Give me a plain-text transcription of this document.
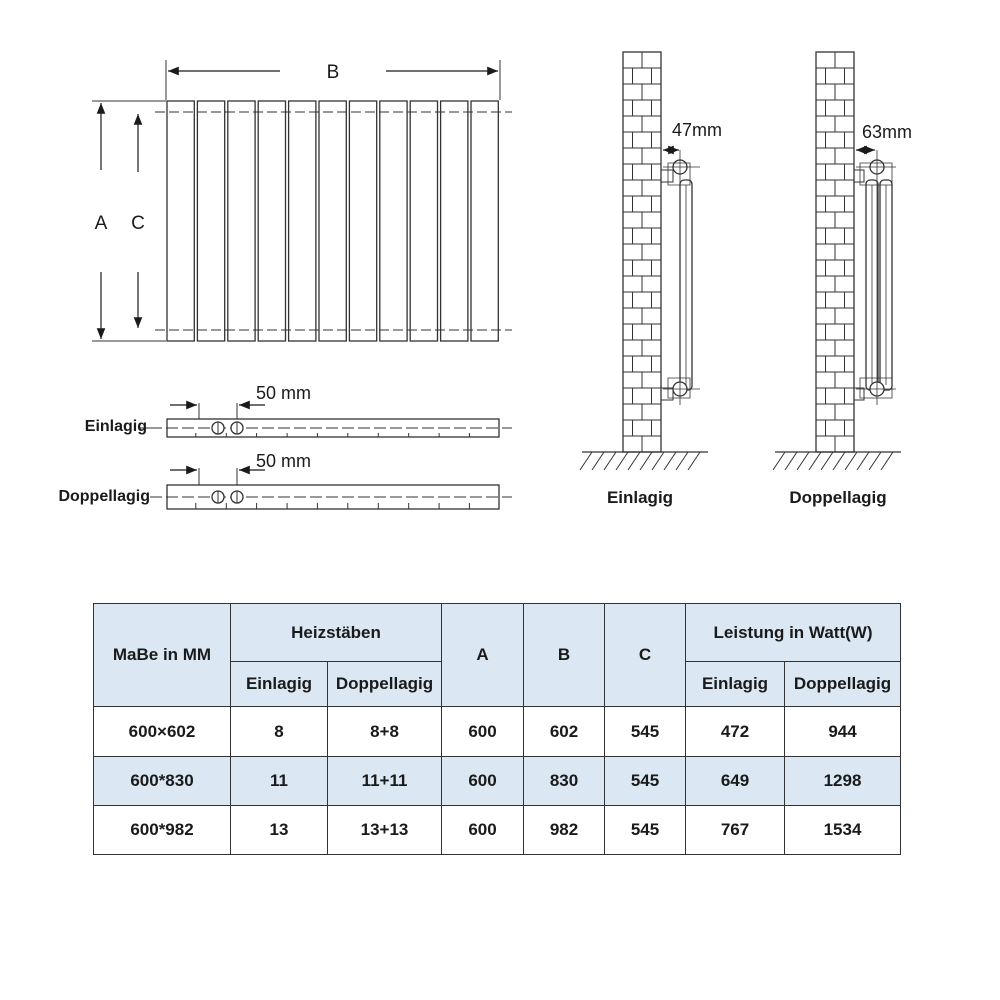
B
A C
50 mm
Einlagig
50 mm
Doppellagig
47mm
Einlagig
63mm
Doppellagig
MaBe in MM	Heizstäben		A	B	C	Leistung in Watt(W)	
	Einlagig	Doppellagig				Einlagig	Doppellagig
600×602	8	8+8	600	602	545	472	944
600*830	11	11+11	600	830	545	649	1298
600*982	13	13+13	600	982	545	767	1534
